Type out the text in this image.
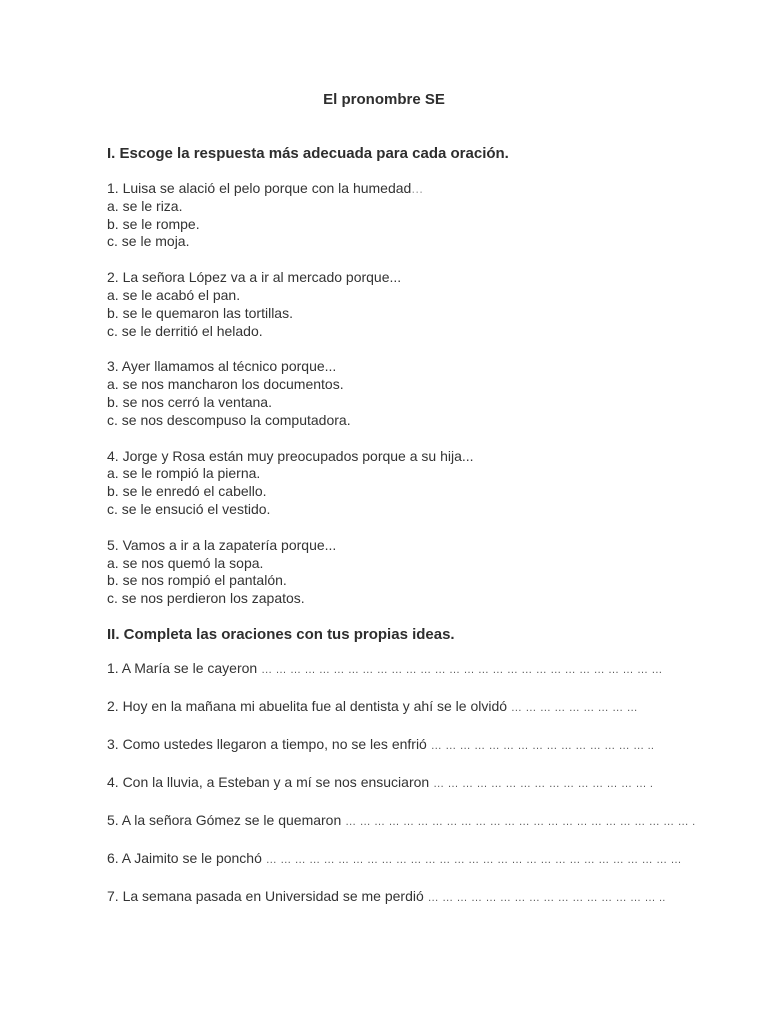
El pronombre SE
I. Escoge la respuesta más adecuada para cada oración.
1. Luisa se alació el pelo porque con la humedad...
a. se le riza.
b. se le rompe.
c. se le moja.
2. La señora López va a ir al mercado porque...
a. se le acabó el pan.
b. se le quemaron las tortillas.
c. se le derritió el helado.
3. Ayer llamamos al técnico porque...
a. se nos mancharon los documentos.
b. se nos cerró la ventana.
c. se nos descompuso la computadora.
4. Jorge y Rosa están muy preocupados porque a su hija...
a. se le rompió la pierna.
b. se le enredó el cabello.
c. se le ensució el vestido.
5. Vamos a ir a la zapatería porque...
a. se nos quemó la sopa.
b. se nos rompió el pantalón.
c. se nos perdieron los zapatos.
II. Completa las oraciones con tus propias ideas.
1. A María se le cayeron … … … … … … … … … … … … … … … … … … … … … … … … … … … …
2. Hoy en la mañana mi abuelita fue al dentista y ahí se le olvidó … … … … … … … … …
3. Como ustedes llegaron a tiempo, no se les enfrió … … … … … … … … … … … … … … … ..
4. Con la lluvia, a Esteban y a mí se nos ensuciaron … … … … … … … … … … … … … … … .
5. A la señora Gómez se le quemaron … … … … … … … … … … … … … … … … … … … … … … … … .
6. A Jaimito se le ponchó … … … … … … … … … … … … … … … … … … … … … … … … … … … … …
7. La semana pasada en Universidad se me perdió … … … … … … … … … … … … … … … … ..
